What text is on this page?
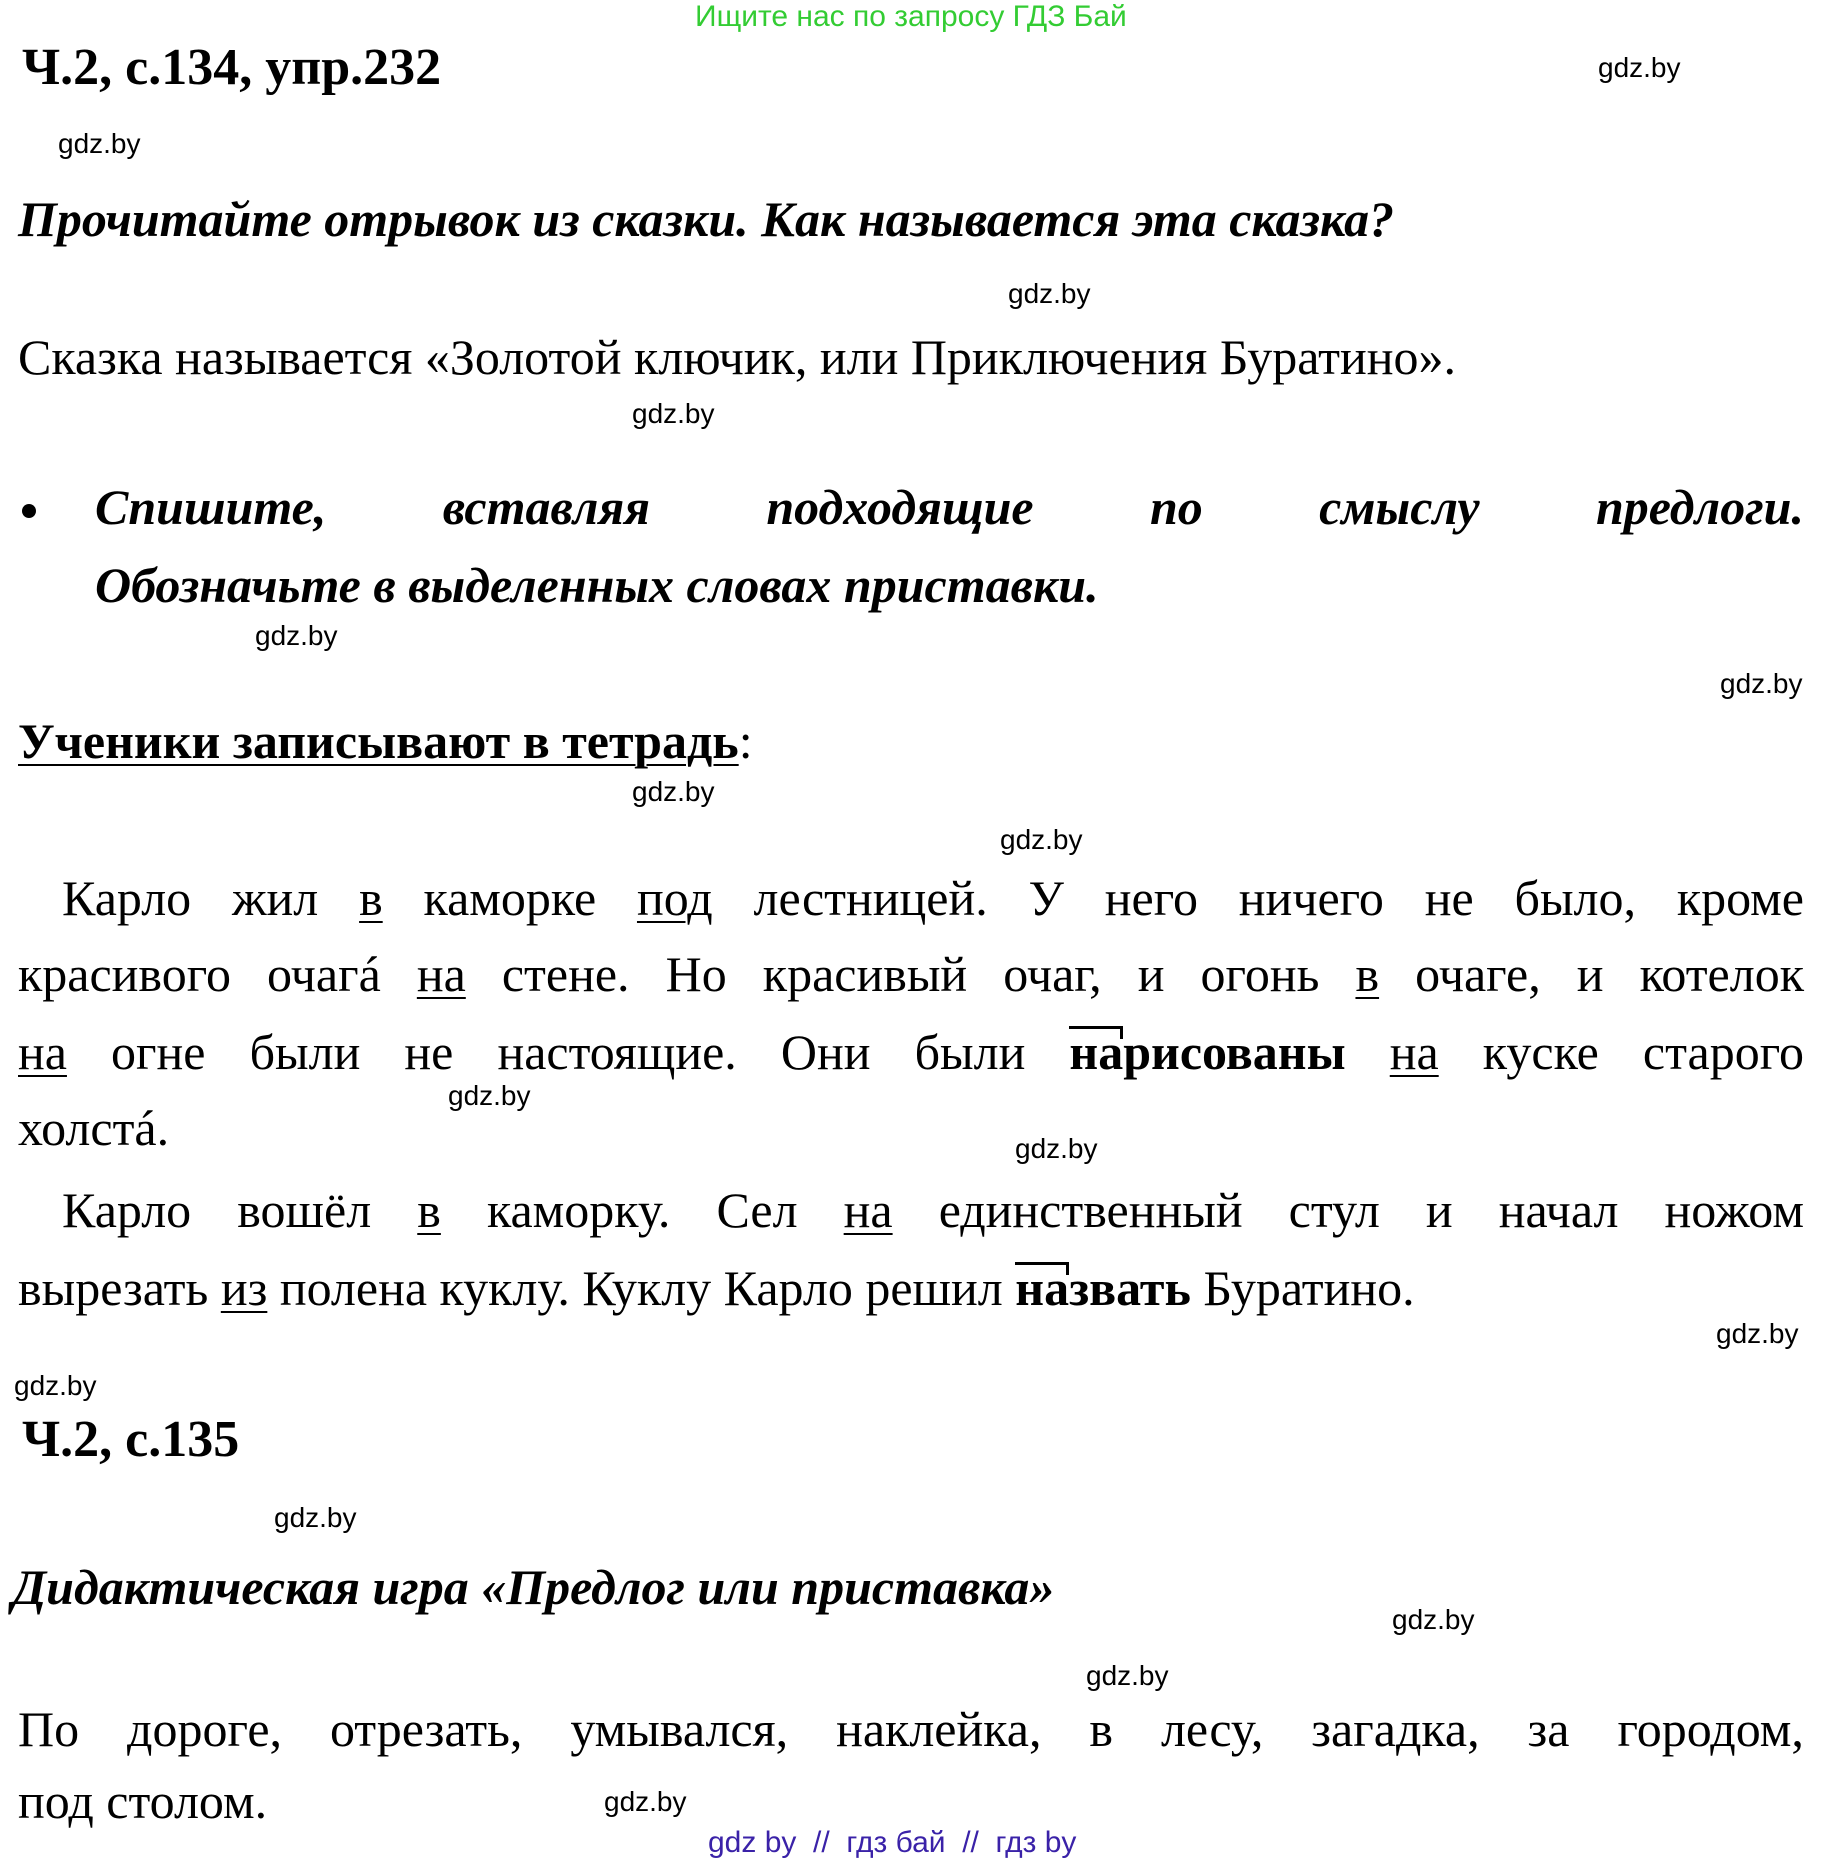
Ищите нас по запросу ГДЗ Бай
Ч.2, с.134, упр.232
Прочитайте отрывок из сказки. Как называется эта сказка?
Сказка называется «Золотой ключик, или Приключения Буратино».
Спишите, вставляя подходящие по смыслу предлоги.
Обозначьте в выделенных словах приставки.
Ученики записывают в тетрадь:
Карло жил в каморке под лестницей. У него ничего не было, кроме
красивого очагá на стене. Но красивый очаг, и огонь в очаге, и котелок
на огне были не настоящие. Они были нарисованы на куске старого
холстá.
Карло вошёл в каморку. Сел на единственный стул и начал ножом
вырезать из полена куклу. Куклу Карло решил назвать Буратино.
Ч.2, с.135
Дидактическая игра «Предлог или приставка»
По дороге, отрезать, умывался, наклейка, в лесу, загадка, за городом,
под столом.
gdz.by
gdz.by
gdz.by
gdz.by
gdz.by
gdz.by
gdz.by
gdz.by
gdz.by
gdz.by
gdz.by
gdz.by
gdz.by
gdz.by
gdz.by
gdz.by
gdz by  //  гдз бай  //  гдз by
